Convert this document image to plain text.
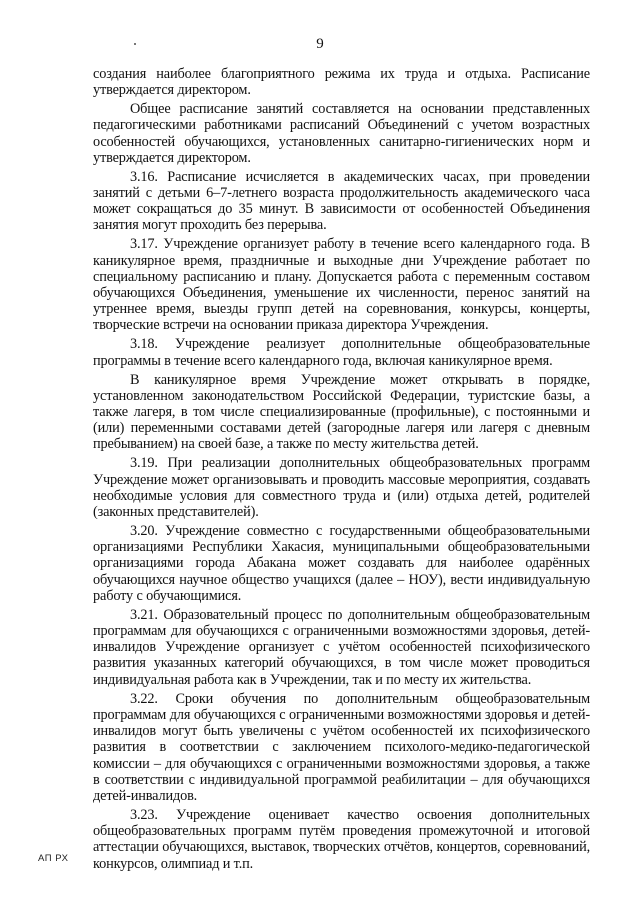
9

создания наиболее благоприятного режима их труда и отдыха. Расписание утверждается директором.

Общее расписание занятий составляется на основании представленных педагогическими работниками расписаний Объединений с учетом возрастных особенностей обучающихся, установленных санитарно-гигиенических норм и утверждается директором.

3.16. Расписание исчисляется в академических часах, при проведении занятий с детьми 6–7-летнего возраста продолжительность академического часа может сокращаться до 35 минут. В зависимости от особенностей Объединения занятия могут проходить без перерыва.

3.17. Учреждение организует работу в течение всего календарного года. В каникулярное время, праздничные и выходные дни Учреждение работает по специальному расписанию и плану. Допускается работа с переменным составом обучающихся Объединения, уменьшение их численности, перенос занятий на утреннее время, выезды групп детей на соревнования, конкурсы, концерты, творческие встречи на основании приказа директора Учреждения.

3.18. Учреждение реализует дополнительные общеобразовательные программы в течение всего календарного года, включая каникулярное время.

В каникулярное время Учреждение может открывать в порядке, установленном законодательством Российской Федерации, туристские базы, а также лагеря, в том числе специализированные (профильные), с постоянными и (или) переменными составами детей (загородные лагеря или лагеря с дневным пребыванием) на своей базе, а также по месту жительства детей.

3.19. При реализации дополнительных общеобразовательных программ Учреждение может организовывать и проводить массовые мероприятия, создавать необходимые условия для совместного труда и (или) отдыха детей, родителей (законных представителей).

3.20. Учреждение совместно с государственными общеобразовательными организациями Республики Хакасия, муниципальными общеобразовательными организациями города Абакана может создавать для наиболее одарённых обучающихся научное общество учащихся (далее – НОУ), вести индивидуальную работу с обучающимися.

3.21. Образовательный процесс по дополнительным общеобразовательным программам для обучающихся с ограниченными возможностями здоровья, детей-инвалидов Учреждение организует с учётом особенностей психофизического развития указанных категорий обучающихся, в том числе может проводиться индивидуальная работа как в Учреждении, так и по месту их жительства.

3.22. Сроки обучения по дополнительным общеобразовательным программам для обучающихся с ограниченными возможностями здоровья и детей-инвалидов могут быть увеличены с учётом особенностей их психофизического развития в соответствии с заключением психолого-медико-педагогической комиссии – для обучающихся с ограниченными возможностями здоровья, а также в соответствии с индивидуальной программой реабилитации – для обучающихся детей-инвалидов.

3.23. Учреждение оценивает качество освоения дополнительных общеобразовательных программ путём проведения промежуточной и итоговой аттестации обучающихся, выставок, творческих отчётов, концертов, соревнований, конкурсов, олимпиад и т.п.

АП РХ
